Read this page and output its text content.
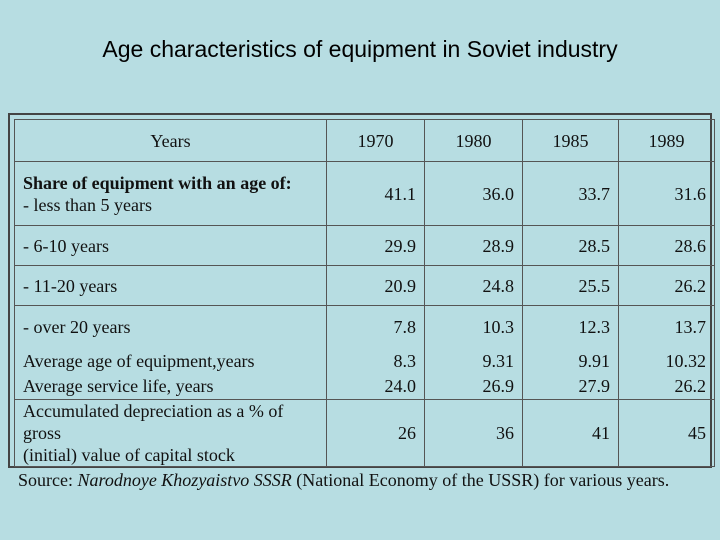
Age characteristics of equipment in Soviet industry
Years	1970	1980	1985	1989

Share of equipment with an age of:
- less than 5 years	41.1	36.0	33.7	31.6
- 6-10 years	29.9	28.9	28.5	28.6
- 11-20 years	20.9	24.8	25.5	26.2
- over 20 years	7.8	10.3	12.3	13.7
Average age of equipment,years	8.3	9.31	9.91	10.32
Average service life, years	24.0	26.9	27.9	26.2

Accumulated depreciation as a % of gross
(initial) value of capital stock	26	36	41	45
Source: Narodnoye Khozyaistvo SSSR (National Economy of the USSR) for various years.
